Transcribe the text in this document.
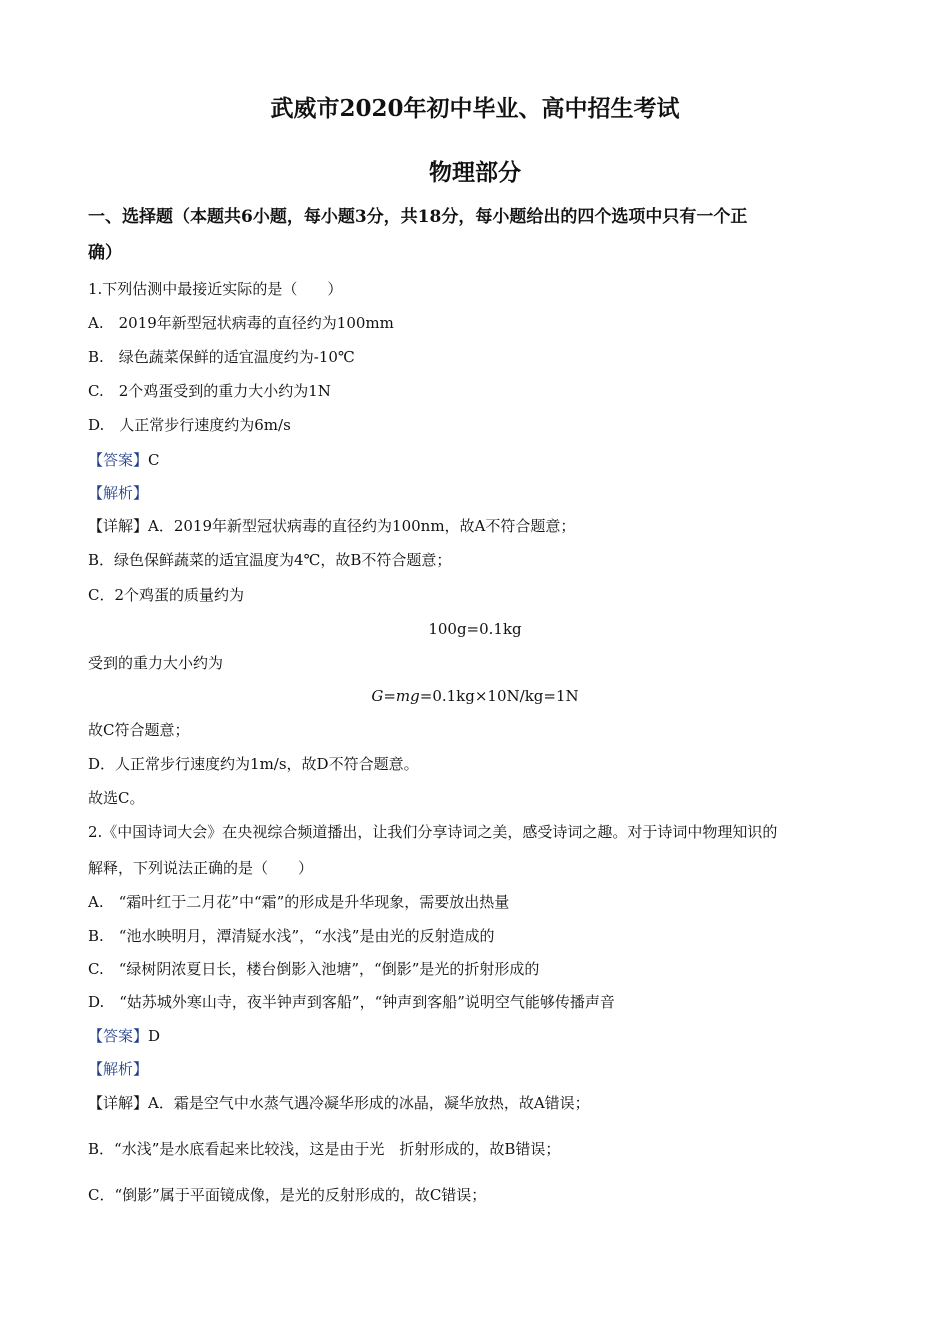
武威市2020年初中毕业、高中招生考试
物理部分
一、选择题（本题共6小题，每小题3分，共18分，每小题给出的四个选项中只有一个正
确）
1.下列估测中最接近实际的是（　　）
A.　2019年新型冠状病毒的直径约为100mm
B.　绿色蔬菜保鲜的适宜温度约为-10℃
C.　2个鸡蛋受到的重力大小约为1N
D.　人正常步行速度约为6m/s
【答案】C
【解析】
【详解】A．2019年新型冠状病毒的直径约为100nm，故A不符合题意；
B．绿色保鲜蔬菜的适宜温度为4℃，故B不符合题意；
C．2个鸡蛋的质量约为
100g=0.1kg
受到的重力大小约为
G=mg=0.1kg×10N/kg=1N
故C符合题意；
D．人正常步行速度约为1m/s，故D不符合题意。
故选C。
2.《中国诗词大会》在央视综合频道播出，让我们分享诗词之美，感受诗词之趣。对于诗词中物理知识的
解释，下列说法正确的是（　　）
A.　“霜叶红于二月花”中“霜”的形成是升华现象，需要放出热量
B.　“池水映明月，潭清疑水浅”，“水浅”是由光的反射造成的
C.　“绿树阴浓夏日长，楼台倒影入池塘”，“倒影”是光的折射形成的
D.　“姑苏城外寒山寺，夜半钟声到客船”，“钟声到客船”说明空气能够传播声音
【答案】D
【解析】
【详解】A．霜是空气中水蒸气遇冷凝华形成的冰晶，凝华放热，故A错误；
B．“水浅”是水底看起来比较浅，这是由于光　折射形成的，故B错误；
C．“倒影”属于平面镜成像，是光的反射形成的，故C错误；
